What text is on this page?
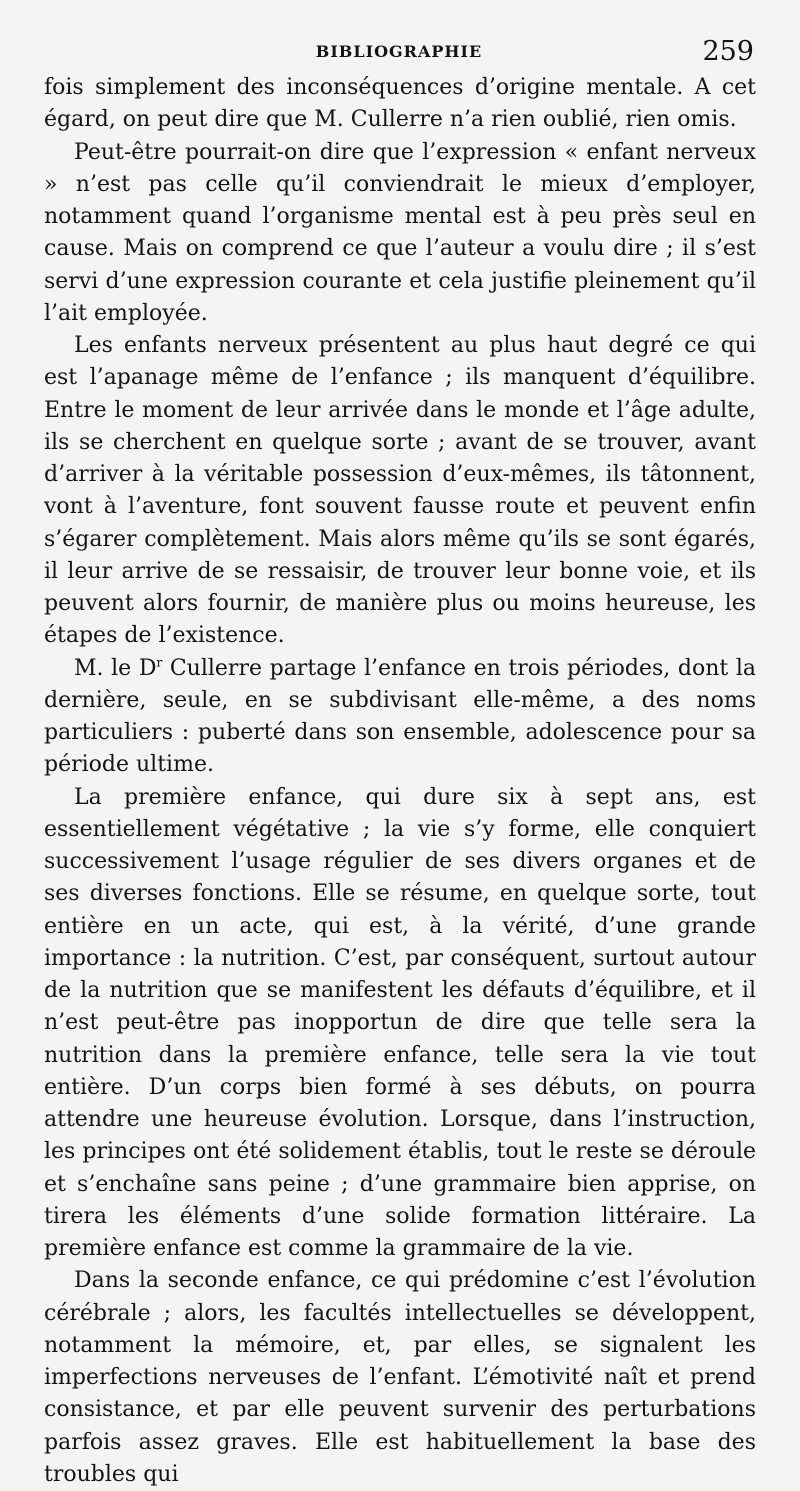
BIBLIOGRAPHIE	259

fois simplement des inconséquences d’origine mentale. A cet égard, on peut dire que M. Cullerre n’a rien oublié, rien omis.

Peut-être pourrait-on dire que l’expression « enfant nerveux » n’est pas celle qu’il conviendrait le mieux d’employer, notamment quand l’organisme mental est à peu près seul en cause. Mais on comprend ce que l’auteur a voulu dire ; il s’est servi d’une expression courante et cela justifie pleinement qu’il l’ait employée.

Les enfants nerveux présentent au plus haut degré ce qui est l’apanage même de l’enfance ; ils manquent d’équilibre. Entre le moment de leur arrivée dans le monde et l’âge adulte, ils se cherchent en quelque sorte ; avant de se trouver, avant d’arriver à la véritable possession d’eux-mêmes, ils tâtonnent, vont à l’aventure, font souvent fausse route et peuvent enfin s’égarer complètement. Mais alors même qu’ils se sont égarés, il leur arrive de se ressaisir, de trouver leur bonne voie, et ils peuvent alors fournir, de manière plus ou moins heureuse, les étapes de l’existence.

M. le $D^r$ Cullerre partage l’enfance en trois périodes, dont la dernière, seule, en se subdivisant elle-même, a des noms particuliers : puberté dans son ensemble, adolescence pour sa période ultime.

La première enfance, qui dure six à sept ans, est essentiellement végétative ; la vie s’y forme, elle conquiert successivement l’usage régulier de ses divers organes et de ses diverses fonctions. Elle se résume, en quelque sorte, tout entière en un acte, qui est, à la vérité, d’une grande importance : la nutrition. C’est, par conséquent, surtout autour de la nutrition que se manifestent les défauts d’équilibre, et il n’est peut-être pas inopportun de dire que telle sera la nutrition dans la première enfance, telle sera la vie tout entière. D’un corps bien formé à ses débuts, on pourra attendre une heureuse évolution. Lorsque, dans l’instruction, les principes ont été solidement établis, tout le reste se déroule et s’enchaîne sans peine ; d’une grammaire bien apprise, on tirera les éléments d’une solide formation littéraire. La première enfance est comme la grammaire de la vie.

Dans la seconde enfance, ce qui prédomine c’est l’évolution cérébrale ; alors, les facultés intellectuelles se développent, notamment la mémoire, et, par elles, se signalent les imperfections nerveuses de l’enfant. L’émotivité naît et prend consistance, et par elle peuvent survenir des perturbations parfois assez graves. Elle est habituellement la base des troubles qui
